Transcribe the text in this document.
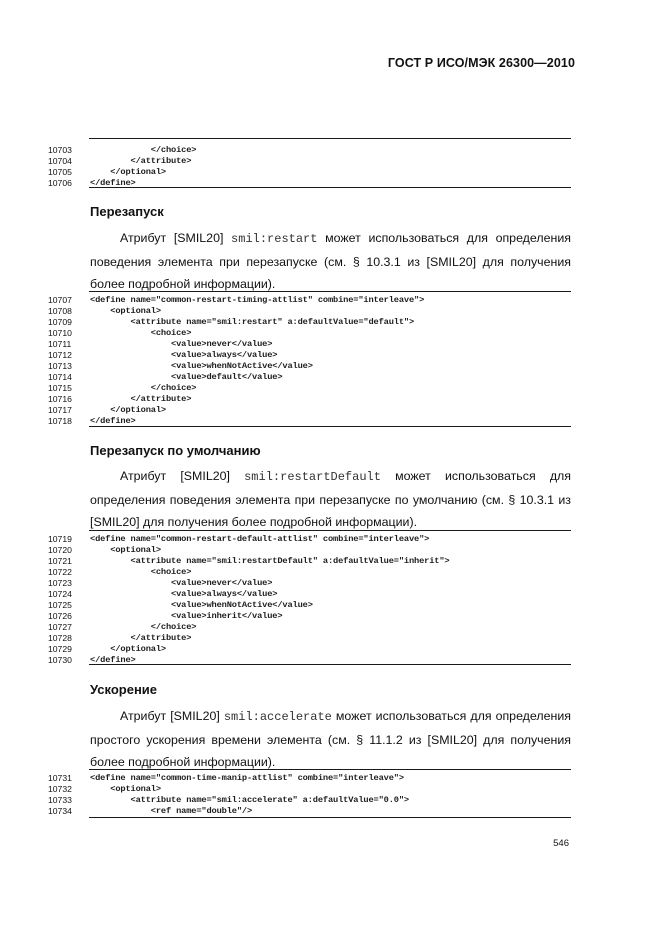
ГОСТ Р ИСО/МЭК 26300—2010
10703	</choice>
10704	</attribute>
10705	</optional>
10706	</define>
Перезапуск
Атрибут [SMIL20] smil:restart может использоваться для определения поведения элемента при перезапуске (см. § 10.3.1 из [SMIL20] для получения более подробной информации).
10707	<define name="common-restart-timing-attlist" combine="interleave">
10708	<optional>
10709	<attribute name="smil:restart" a:defaultValue="default">
10710	<choice>
10711	<value>never</value>
10712	<value>always</value>
10713	<value>whenNotActive</value>
10714	<value>default</value>
10715	</choice>
10716	</attribute>
10717	</optional>
10718	</define>
Перезапуск по умолчанию
Атрибут [SMIL20] smil:restartDefault может использоваться для определения поведения элемента при перезапуске по умолчанию (см. § 10.3.1 из [SMIL20] для получения более подробной информации).
10719	<define name="common-restart-default-attlist" combine="interleave">
10720	<optional>
10721	<attribute name="smil:restartDefault" a:defaultValue="inherit">
10722	<choice>
10723	<value>never</value>
10724	<value>always</value>
10725	<value>whenNotActive</value>
10726	<value>inherit</value>
10727	</choice>
10728	</attribute>
10729	</optional>
10730	</define>
Ускорение
Атрибут [SMIL20] smil:accelerate может использоваться для определения простого ускорения времени элемента (см. § 11.1.2 из [SMIL20] для получения более подробной информации).
10731	<define name="common-time-manip-attlist" combine="interleave">
10732	<optional>
10733	<attribute name="smil:accelerate" a:defaultValue="0.0">
10734	<ref name="double"/>
546
